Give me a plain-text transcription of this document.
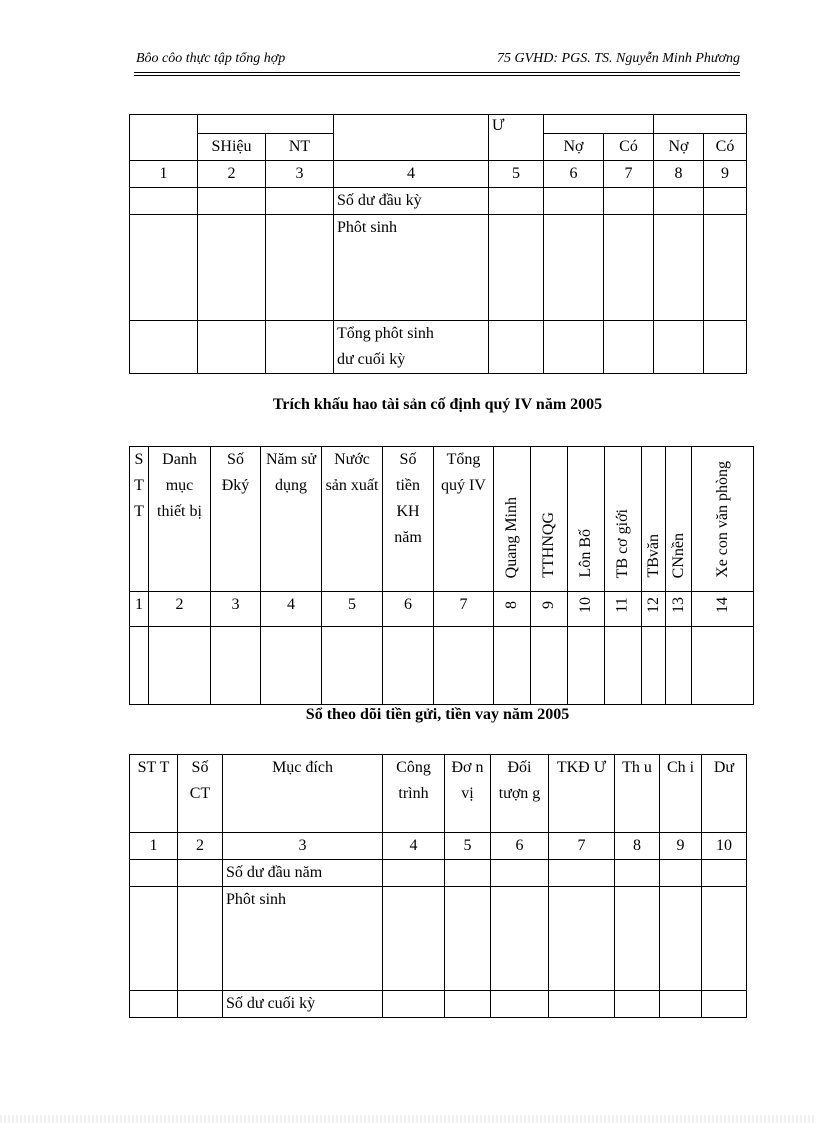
Bôo côo thực tập tổng hợp	75 GVHD: PGS. TS. Nguyễn Minh Phương
				Ư				
	SHiệu	NT			Nợ	Có	Nợ	Có
1	2	3	4	5	6	7	8	9
			Số dư đầu kỳ					
			Phôt sinh					

			Tổng phôt sinh
dư cuối kỳ					

Trích khấu hao tài sản cố định quý IV năm 2005
S T T	Danh mục thiết bị	Số Đký	Năm sử dụng	Nước sản xuất	Số tiền KH năm	Tổng quý IV	Quang Minh	TTHNQG	Lôn Bố	TB cơ giới	TBvăn	CNnền	Xe con văn phòng
1	2	3	4	5	6	7	8	9	10	11	12	13	14

Sổ theo dõi tiền gửi, tiền vay năm 2005
ST T	Số CT	Mục đích	Công trình	Đơ n vị	Đối tượn g	TKĐ Ư	Th u	Ch i	Dư
1	2	3	4	5	6	7	8	9	10
		Số dư đầu năm							
		Phôt sinh							
		Số dư cuối kỳ							
